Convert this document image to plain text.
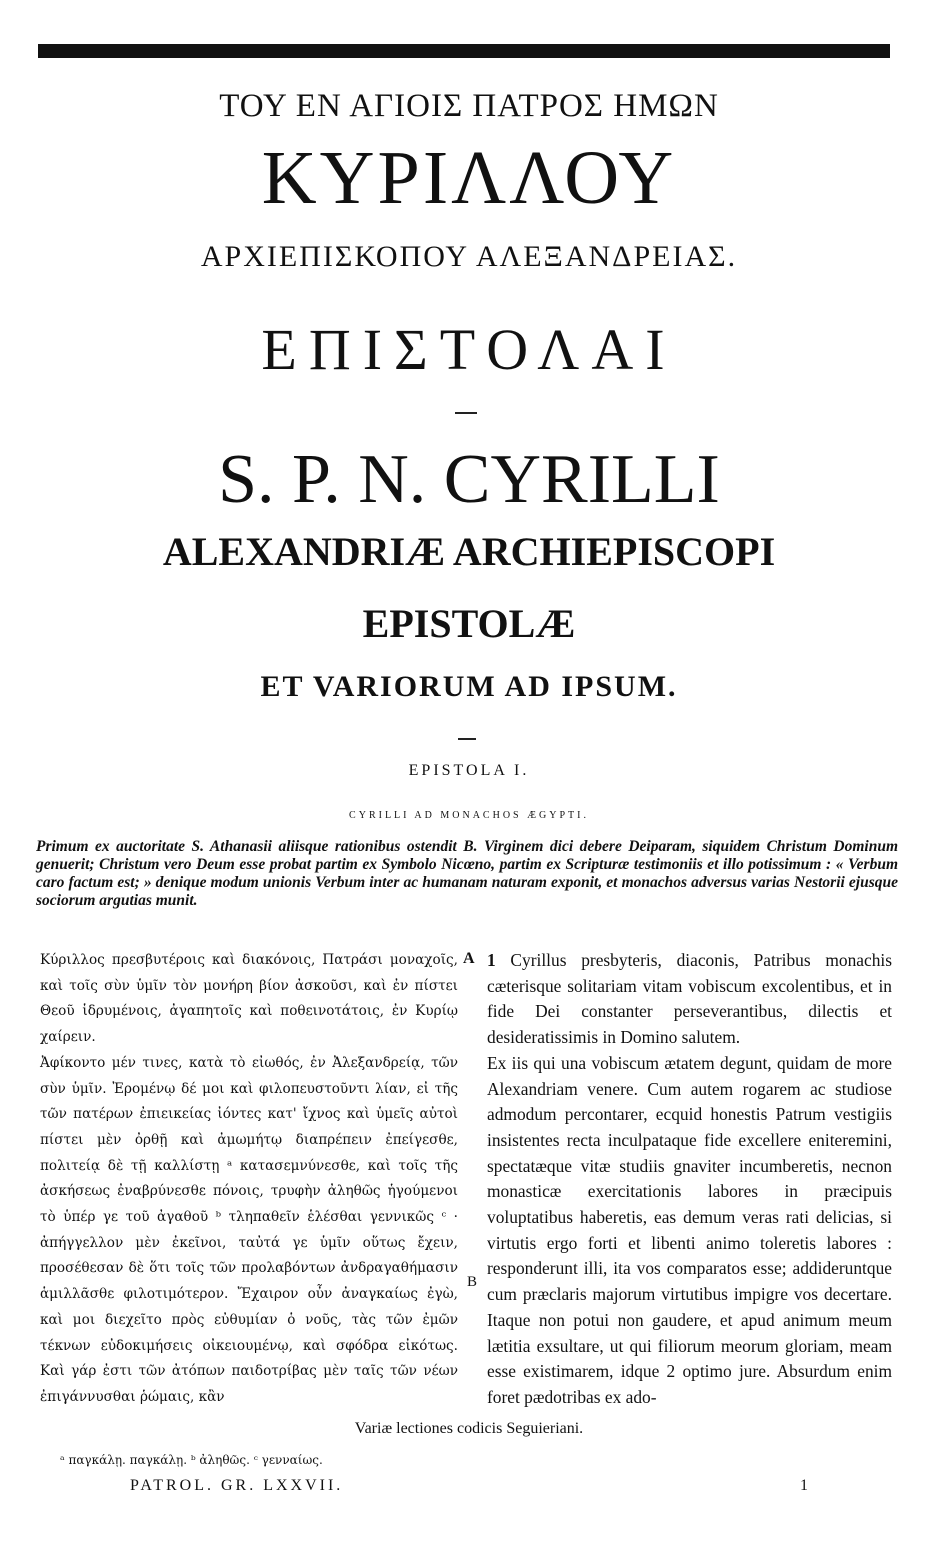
ΤΟΥ ΕΝ ΑΓΙΟΙΣ ΠΑΤΡΟΣ ΗΜΩΝ
ΚΥΡΙΛΛΟΥ
ΑΡΧΙΕΠΙΣΚΟΠΟΥ ΑΛΕΞΑΝΔΡΕΙΑΣ.
ΕΠΙΣΤΟΛΑΙ
S. P. N. CYRILLI
ALEXANDRIÆ ARCHIEPISCOPI
EPISTOLÆ
ET VARIORUM AD IPSUM.
EPISTOLA I.
CYRILLI AD MONACHOS ÆGYPTI.
Primum ex auctoritate S. Athanasii aliisque rationibus ostendit B. Virginem dici debere Deiparam, siquidem Christum Dominum genuerit; Christum vero Deum esse probat partim ex Symbolo Nicœno, partim ex Scripturæ testimoniis et illo potissimum : « Verbum caro factum est; » denique modum unionis Verbum inter ac humanam naturam exponit, et monachos adversus varias Nestorii ejusque sociorum argutias munit.
Κύριλλος πρεσβυτέροις καὶ διακόνοις, Πατράσι μοναχοῖς, καὶ τοῖς σὺν ὑμῖν τὸν μονήρη βίον ἀσκοῦσι, καὶ ἐν πίστει Θεοῦ ἱδρυμένοις, ἀγαπητοῖς καὶ ποθεινοτάτοις, ἐν Κυρίῳ χαίρειν.
Ἀφίκοντο μέν τινες, κατὰ τὸ εἰωθός, ἐν Ἀλεξανδρείᾳ, τῶν σὺν ὑμῖν. Ἐρομένῳ δέ μοι καὶ φιλοπευστοῦντι λίαν, εἰ τῆς τῶν πατέρων ἐπιεικείας ἰόντες κατ' ἴχνος καὶ ὑμεῖς αὐτοὶ πίστει μὲν ὀρθῇ καὶ ἀμωμήτῳ διαπρέπειν ἐπείγεσθε, πολιτείᾳ δὲ τῇ καλλίστῃ ᵃ κατασεμνύνεσθε, καὶ τοῖς τῆς ἀσκήσεως ἐναβρύνεσθε πόνοις, τρυφὴν ἀληθῶς ἡγούμενοι τὸ ὑπέρ γε τοῦ ἀγαθοῦ ᵇ τληπαθεῖν ἑλέσθαι γεννικῶς ᶜ · ἀπήγγελλον μὲν ἐκεῖνοι, ταὐτά γε ὑμῖν οὕτως ἔχειν, προσέθεσαν δὲ ὅτι τοῖς τῶν προλαβόντων ἀνδραγαθήμασιν ἁμιλλᾶσθε φιλοτιμότερον. Ἔχαιρον οὖν ἀναγκαίως ἐγὼ, καὶ μοι διεχεῖτο πρὸς εὐθυμίαν ὁ νοῦς, τὰς τῶν ἐμῶν τέκνων εὐδοκιμήσεις οἰκειουμένῳ, καὶ σφόδρα εἰκότως. Καὶ γάρ ἐστι τῶν ἀτόπων παιδοτρίβας μὲν ταῖς τῶν νέων ἐπιγάννυσθαι ῥώμαις, κἂν
A
B
1 Cyrillus presbyteris, diaconis, Patribus monachis cæterisque solitariam vitam vobiscum excolentibus, et in fide Dei constanter perseverantibus, dilectis et desideratissimis in Domino salutem.
Ex iis qui una vobiscum ætatem degunt, quidam de more Alexandriam venere. Cum autem rogarem ac studiose admodum percontarer, ecquid honestis Patrum vestigiis insistentes recta inculpataque fide excellere eniteremini, spectatæque vitæ studiis gnaviter incumberetis, necnon monasticæ exercitationis labores in præcipuis voluptatibus haberetis, eas demum veras rati delicias, si virtutis ergo forti et libenti animo toleretis labores : responderunt illi, ita vos comparatos esse; addideruntque cum præclaris majorum virtutibus impigre vos decertare. Itaque non potui non gaudere, et apud animum meum lætitia exsultare, ut qui filiorum meorum gloriam, meam esse existimarem, idque 2 optimo jure. Absurdum enim foret pædotribas ex ado-
Variæ lectiones codicis Seguieriani.
ᵃ παγκάλῃ. παγκάλῃ. ᵇ ἀληθῶς. ᶜ γενναίως.
PATROL. GR. LXXVII.	1
